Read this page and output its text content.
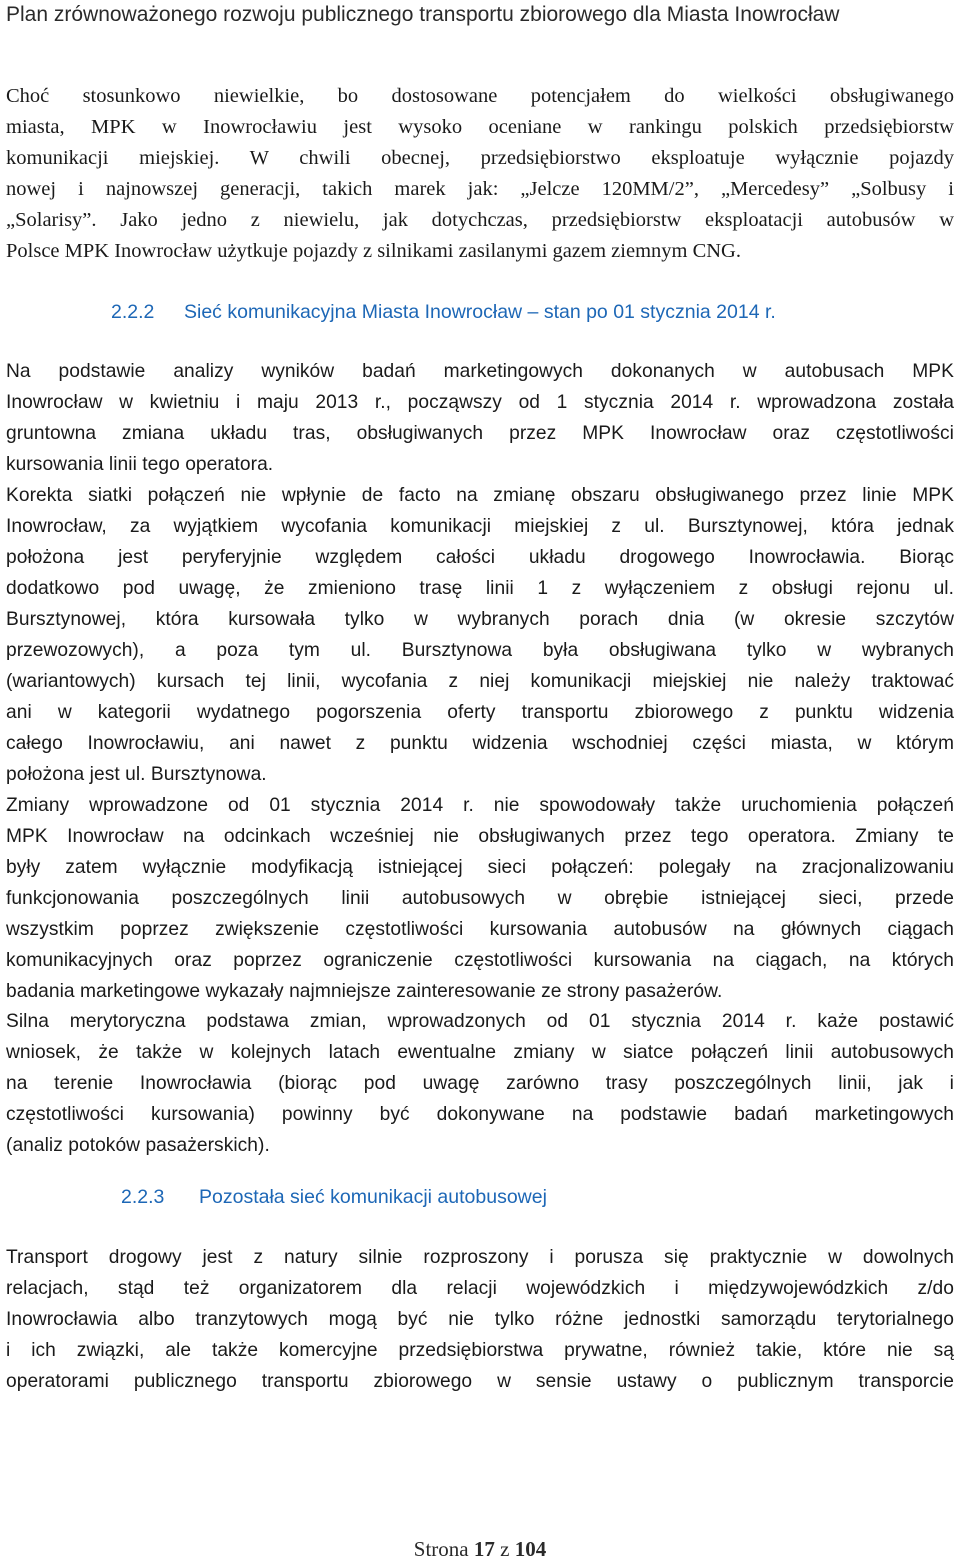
Plan zrównoważonego rozwoju publicznego transportu zbiorowego dla Miasta Inowrocław
Choć stosunkowo niewielkie, bo dostosowane potencjałem do wielkości obsługiwanego
miasta, MPK w Inowrocławiu jest wysoko oceniane w rankingu polskich przedsiębiorstw
komunikacji miejskiej. W chwili obecnej, przedsiębiorstwo eksploatuje wyłącznie pojazdy
nowej i najnowszej generacji, takich marek jak: „Jelcze 120MM/2”, „Mercedesy” „Solbusy i
„Solarisy”. Jako jedno z niewielu, jak dotychczas, przedsiębiorstw eksploatacji autobusów w
Polsce MPK Inowrocław użytkuje pojazdy z silnikami zasilanymi gazem ziemnym CNG.
2.2.2 Sieć komunikacyjna Miasta Inowrocław – stan po 01 stycznia 2014 r.
Na podstawie analizy wyników badań marketingowych dokonanych w autobusach MPK
Inowrocław w kwietniu i maju 2013 r., począwszy od 1 stycznia 2014 r. wprowadzona została
gruntowna zmiana układu tras, obsługiwanych przez MPK Inowrocław oraz częstotliwości
kursowania linii tego operatora.
Korekta siatki połączeń nie wpłynie de facto na zmianę obszaru obsługiwanego przez linie MPK
Inowrocław, za wyjątkiem wycofania komunikacji miejskiej z ul. Bursztynowej, która jednak
położona jest peryferyjnie względem całości układu drogowego Inowrocławia. Biorąc
dodatkowo pod uwagę, że zmieniono trasę linii 1 z wyłączeniem z obsługi rejonu ul.
Bursztynowej, która kursowała tylko w wybranych porach dnia (w okresie szczytów
przewozowych), a poza tym ul. Bursztynowa była obsługiwana tylko w wybranych
(wariantowych) kursach tej linii, wycofania z niej komunikacji miejskiej nie należy traktować
ani w kategorii wydatnego pogorszenia oferty transportu zbiorowego z punktu widzenia
całego Inowrocławiu, ani nawet z punktu widzenia wschodniej części miasta, w którym
położona jest ul. Bursztynowa.
Zmiany wprowadzone od 01 stycznia 2014 r. nie spowodowały także uruchomienia połączeń
MPK Inowrocław na odcinkach wcześniej nie obsługiwanych przez tego operatora. Zmiany te
były zatem wyłącznie modyfikacją istniejącej sieci połączeń: polegały na zracjonalizowaniu
funkcjonowania poszczególnych linii autobusowych w obrębie istniejącej sieci, przede
wszystkim poprzez zwiększenie częstotliwości kursowania autobusów na głównych ciągach
komunikacyjnych oraz poprzez ograniczenie częstotliwości kursowania na ciągach, na których
badania marketingowe wykazały najmniejsze zainteresowanie ze strony pasażerów.
Silna merytoryczna podstawa zmian, wprowadzonych od 01 stycznia 2014 r. każe postawić
wniosek, że także w kolejnych latach ewentualne zmiany w siatce połączeń linii autobusowych
na terenie Inowrocławia (biorąc pod uwagę zarówno trasy poszczególnych linii, jak i
częstotliwości kursowania) powinny być dokonywane na podstawie badań marketingowych
(analiz potoków pasażerskich).
2.2.3 Pozostała sieć komunikacji autobusowej
Transport drogowy jest z natury silnie rozproszony i porusza się praktycznie w dowolnych
relacjach, stąd też organizatorem dla relacji wojewódzkich i międzywojewódzkich z/do
Inowrocławia albo tranzytowych mogą być nie tylko różne jednostki samorządu terytorialnego
i ich związki, ale także komercyjne przedsiębiorstwa prywatne, również takie, które nie są
operatorami publicznego transportu zbiorowego w sensie ustawy o publicznym transporcie
Strona 17 z 104
